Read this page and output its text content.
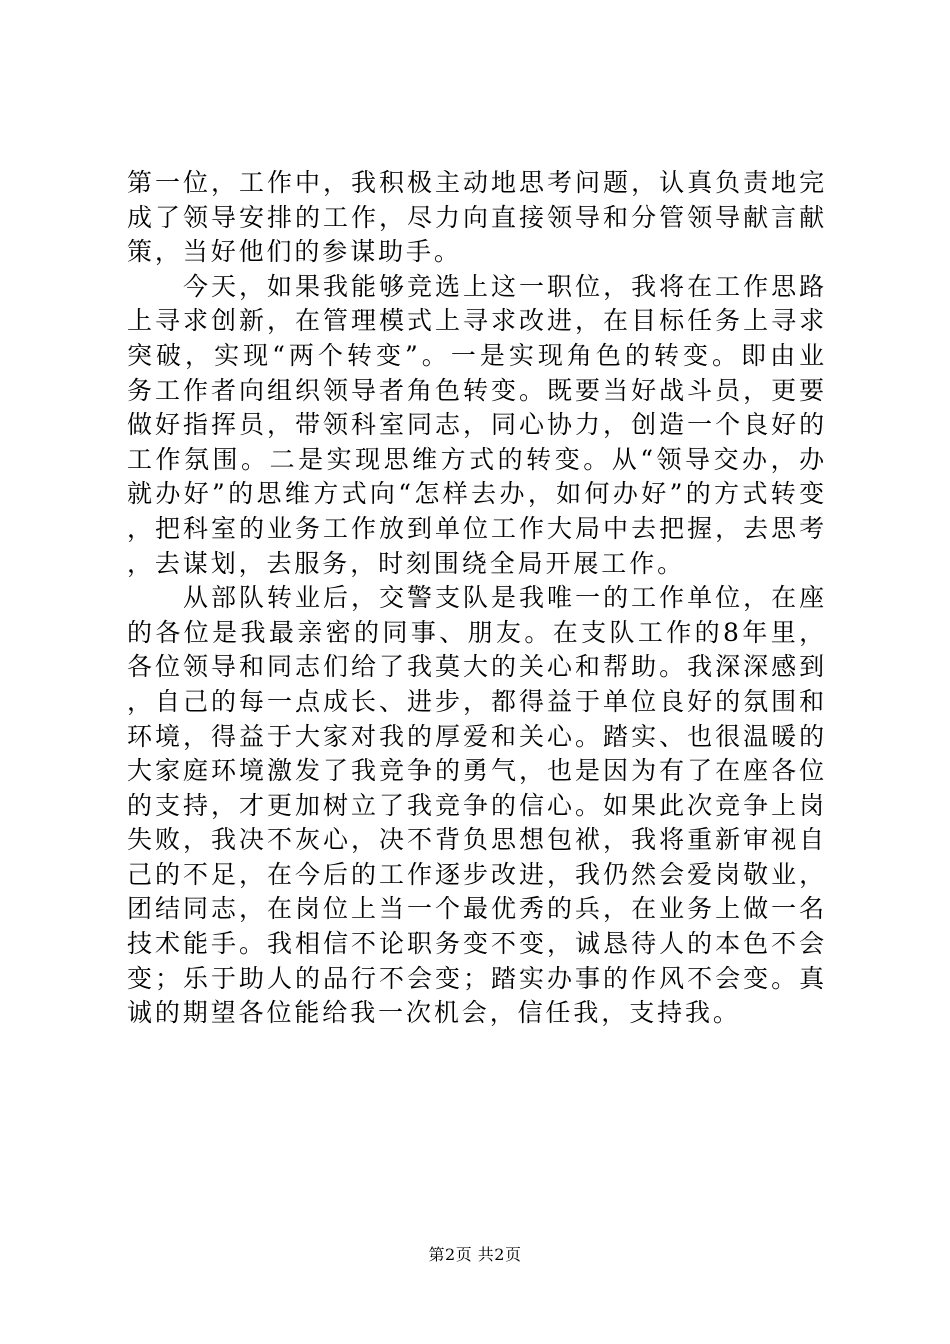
第一位，工作中，我积极主动地思考问题，认真负责地完成了领导安排的工作，尽力向直接领导和分管领导献言献策，当好他们的参谋助手。

今天，如果我能够竞选上这一职位，我将在工作思路上寻求创新，在管理模式上寻求改进，在目标任务上寻求突破，实现“两个转变”。一是实现角色的转变。即由业务工作者向组织领导者角色转变。既要当好战斗员，更要做好指挥员，带领科室同志，同心协力，创造一个良好的工作氛围。二是实现思维方式的转变。从“领导交办，办就办好”的思维方式向“怎样去办，如何办好”的方式转变，把科室的业务工作放到单位工作大局中去把握，去思考，去谋划，去服务，时刻围绕全局开展工作。

从部队转业后，交警支队是我唯一的工作单位，在座的各位是我最亲密的同事、朋友。在支队工作的8年里，各位领导和同志们给了我莫大的关心和帮助。我深深感到，自己的每一点成长、进步，都得益于单位良好的氛围和环境，得益于大家对我的厚爱和关心。踏实、也很温暖的大家庭环境激发了我竞争的勇气，也是因为有了在座各位的支持，才更加树立了我竞争的信心。如果此次竞争上岗失败，我决不灰心，决不背负思想包袱，我将重新审视自己的不足，在今后的工作逐步改进，我仍然会爱岗敬业，团结同志，在岗位上当一个最优秀的兵，在业务上做一名技术能手。我相信不论职务变不变，诚恳待人的本色不会变；乐于助人的品行不会变；踏实办事的作风不会变。真诚的期望各位能给我一次机会，信任我，支持我。

第2页 共2页
